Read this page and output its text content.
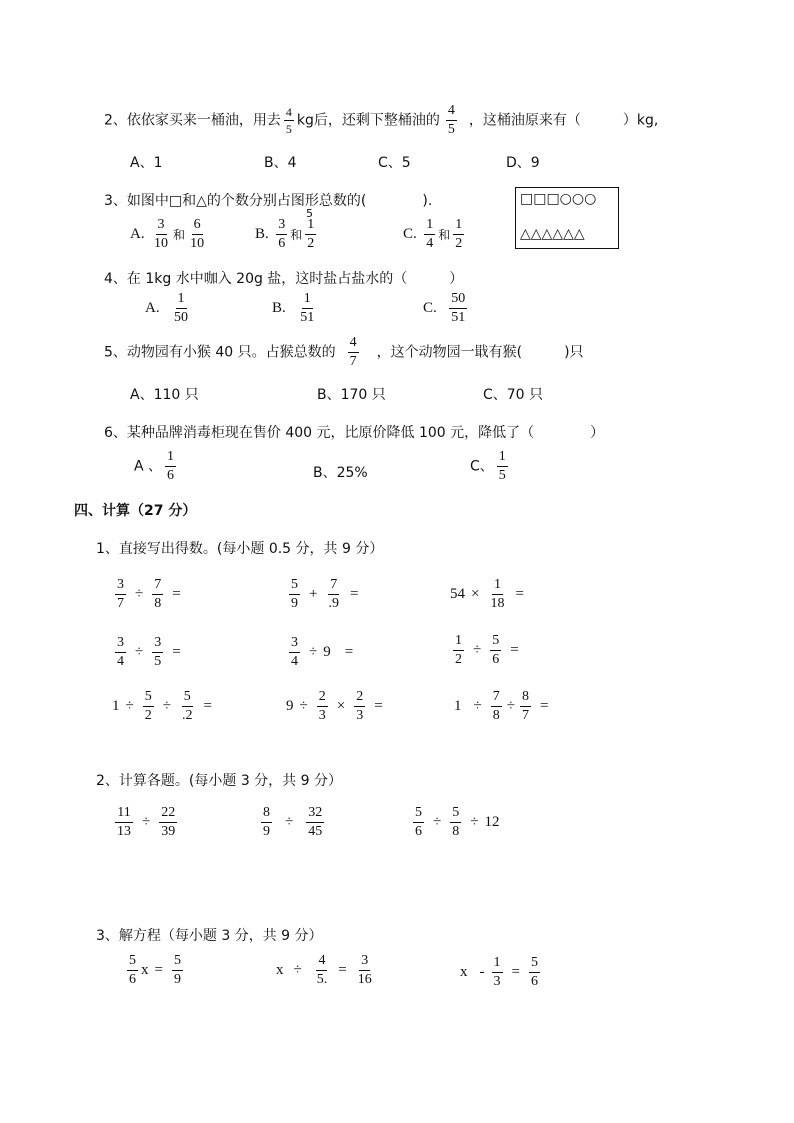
2、依依家买来一桶油，用去 $\frac{4}{5}$ kg后，还剩下整桶油的 $\frac{4}{5}$ ，这桶油原来有（　　　）kg,
A、1	B、4	C、5	D、9
3、如图中□和△的个数分别占图形总数的(　　　　).
5
□□□○○○
△△△△△△
A. $\frac{3}{10}$ 和 $\frac{6}{10}$	B. $\frac{3}{6}$ 和 $\frac{1}{2}$	C. $\frac{1}{4}$ 和 $\frac{1}{2}$
4、在 1kg 水中咖入 20g 盐，这时盐占盐水的（　　　）
A. $\frac{1}{50}$	B. $\frac{1}{51}$	C. $\frac{50}{51}$
5、动物园有小猴 40 只。占猴总数的 $\frac{4}{7}$ ，这个动物园一戢有猴(　　　)只
A、110 只	B、170 只	C、70 只
6、某种品牌消毒柜现在售价 400 元，比原价降低 100 元，降低了（　　　　）
A 、 $\frac{1}{6}$	B、25%	C、 $\frac{1}{5}$
四、计算（27 分）
1、直接写出得数。(每小题 0.5 分，共 9 分）
$\frac{3}{7} \div \frac{7}{8}$ =	$\frac{5}{9} + \frac{7}{.9}$ =	$54 \times \frac{1}{18}$ =
$\frac{3}{4} \div \frac{3}{5}$ =	$\frac{3}{4} \div 9$ =	$\frac{1}{2} \div \frac{5}{6}$ =
$1 \div \frac{5}{2} \div \frac{5}{.2}$ =	$9 \div \frac{2}{3} \times \frac{2}{3}$ =	$1 \div \frac{7}{8} \div \frac{8}{7}$ =
2、计算各题。(每小题 3 分，共 9 分）
$\frac{11}{13} \div \frac{22}{39}$	$\frac{8}{9} \div \frac{32}{45}$	$\frac{5}{6} \div \frac{5}{8} \div 12$
3、解方程（每小题 3 分，共 9 分）
$\frac{5}{6}$ $x = \frac{5}{9}$	$x \div \frac{4}{5.} = \frac{3}{16}$	$x - \frac{1}{3} = \frac{5}{6}$
